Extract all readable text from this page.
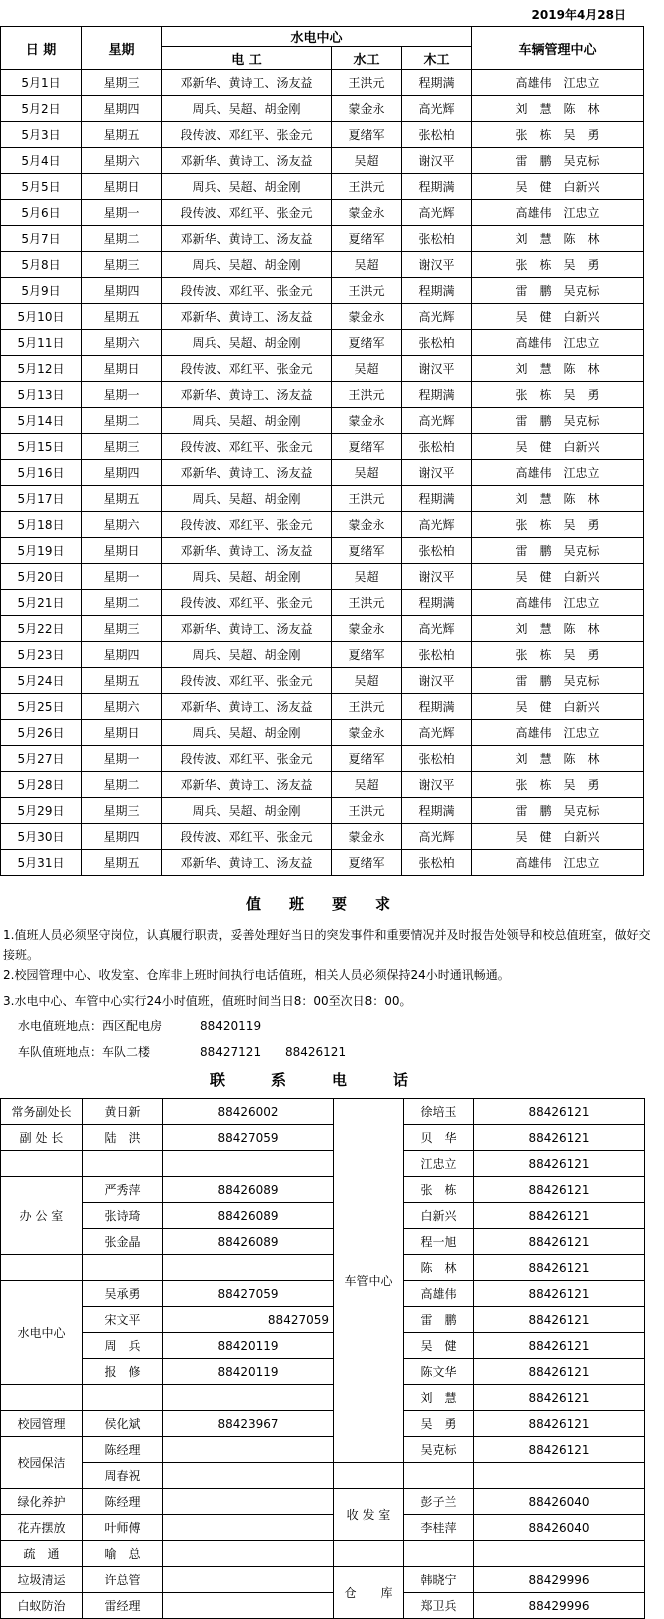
2019年4月28日
日 期	星期	水电中心			车辆管理中心
		电 工	水工	木工	
5月1日	星期三	邓新华、黄诗工、汤友益	王洪元	程期满	高雄伟 江忠立
5月2日	星期四	周兵、吴超、胡金刚	蒙金永	高光辉	刘　慧 陈　林
5月3日	星期五	段传波、邓红平、张金元	夏绪军	张松柏	张　栋 吴　勇
5月4日	星期六	邓新华、黄诗工、汤友益	吴超	谢汉平	雷　鹏 吴克标
5月5日	星期日	周兵、吴超、胡金刚	王洪元	程期满	吴　健 白新兴
5月6日	星期一	段传波、邓红平、张金元	蒙金永	高光辉	高雄伟 江忠立
5月7日	星期二	邓新华、黄诗工、汤友益	夏绪军	张松柏	刘　慧 陈　林
5月8日	星期三	周兵、吴超、胡金刚	吴超	谢汉平	张　栋 吴　勇
5月9日	星期四	段传波、邓红平、张金元	王洪元	程期满	雷　鹏 吴克标
5月10日	星期五	邓新华、黄诗工、汤友益	蒙金永	高光辉	吴　健 白新兴
5月11日	星期六	周兵、吴超、胡金刚	夏绪军	张松柏	高雄伟 江忠立
5月12日	星期日	段传波、邓红平、张金元	吴超	谢汉平	刘　慧 陈　林
5月13日	星期一	邓新华、黄诗工、汤友益	王洪元	程期满	张　栋 吴　勇
5月14日	星期二	周兵、吴超、胡金刚	蒙金永	高光辉	雷　鹏 吴克标
5月15日	星期三	段传波、邓红平、张金元	夏绪军	张松柏	吴　健 白新兴
5月16日	星期四	邓新华、黄诗工、汤友益	吴超	谢汉平	高雄伟 江忠立
5月17日	星期五	周兵、吴超、胡金刚	王洪元	程期满	刘　慧 陈　林
5月18日	星期六	段传波、邓红平、张金元	蒙金永	高光辉	张　栋 吴　勇
5月19日	星期日	邓新华、黄诗工、汤友益	夏绪军	张松柏	雷　鹏 吴克标
5月20日	星期一	周兵、吴超、胡金刚	吴超	谢汉平	吴　健 白新兴
5月21日	星期二	段传波、邓红平、张金元	王洪元	程期满	高雄伟 江忠立
5月22日	星期三	邓新华、黄诗工、汤友益	蒙金永	高光辉	刘　慧 陈　林
5月23日	星期四	周兵、吴超、胡金刚	夏绪军	张松柏	张　栋 吴　勇
5月24日	星期五	段传波、邓红平、张金元	吴超	谢汉平	雷　鹏 吴克标
5月25日	星期六	邓新华、黄诗工、汤友益	王洪元	程期满	吴　健 白新兴
5月26日	星期日	周兵、吴超、胡金刚	蒙金永	高光辉	高雄伟 江忠立
5月27日	星期一	段传波、邓红平、张金元	夏绪军	张松柏	刘　慧 陈　林
5月28日	星期二	邓新华、黄诗工、汤友益	吴超	谢汉平	张　栋 吴　勇
5月29日	星期三	周兵、吴超、胡金刚	王洪元	程期满	雷　鹏 吴克标
5月30日	星期四	段传波、邓红平、张金元	蒙金永	高光辉	吴　健 白新兴
5月31日	星期五	邓新华、黄诗工、汤友益	夏绪军	张松柏	高雄伟 江忠立
值班要求
1.值班人员必须坚守岗位，认真履行职责，妥善处理好当日的突发事件和重要情况并及时报告处领导和校总值班室，做好交接班。
2.校园管理中心、收发室、仓库非上班时间执行电话值班，相关人员必须保持24小时通讯畅通。
3.水电中心、车管中心实行24小时值班，值班时间当日8：00至次日8：00。
水电值班地点：西区配电房	88420119
车队值班地点：车队二楼	88427121 88426121
联系电话
常务副处长	黄日新	88426002	车管中心	徐培玉	88426121
副 处 长	陆　洪	88427059		贝　华	88426121
				江忠立	88426121
办 公 室	严秀萍	88426089		张　栋	88426121
	张诗琦	88426089		白新兴	88426121
	张金晶	88426089		程一旭	88426121
				陈　林	88426121
水电中心	吴承勇	88427059		高雄伟	88426121
	宋文平	88427059		雷　鹏	88426121
	周　兵	88420119		吴　健	88426121
	报　修	88420119		陈文华	88426121
				刘　慧	88426121
校园管理	侯化斌	88423967		吴　勇	88426121
校园保洁	陈经理			吴克标	88426121
	周春祝				
绿化养护	陈经理		收 发 室	彭子兰	88426040
花卉摆放	叶师傅			李桂萍	88426040
疏　通	喻　总				
垃圾清运	许总管		仓　　库	韩晓宁	88429996
白蚁防治	雷经理			郑卫兵	88429996
